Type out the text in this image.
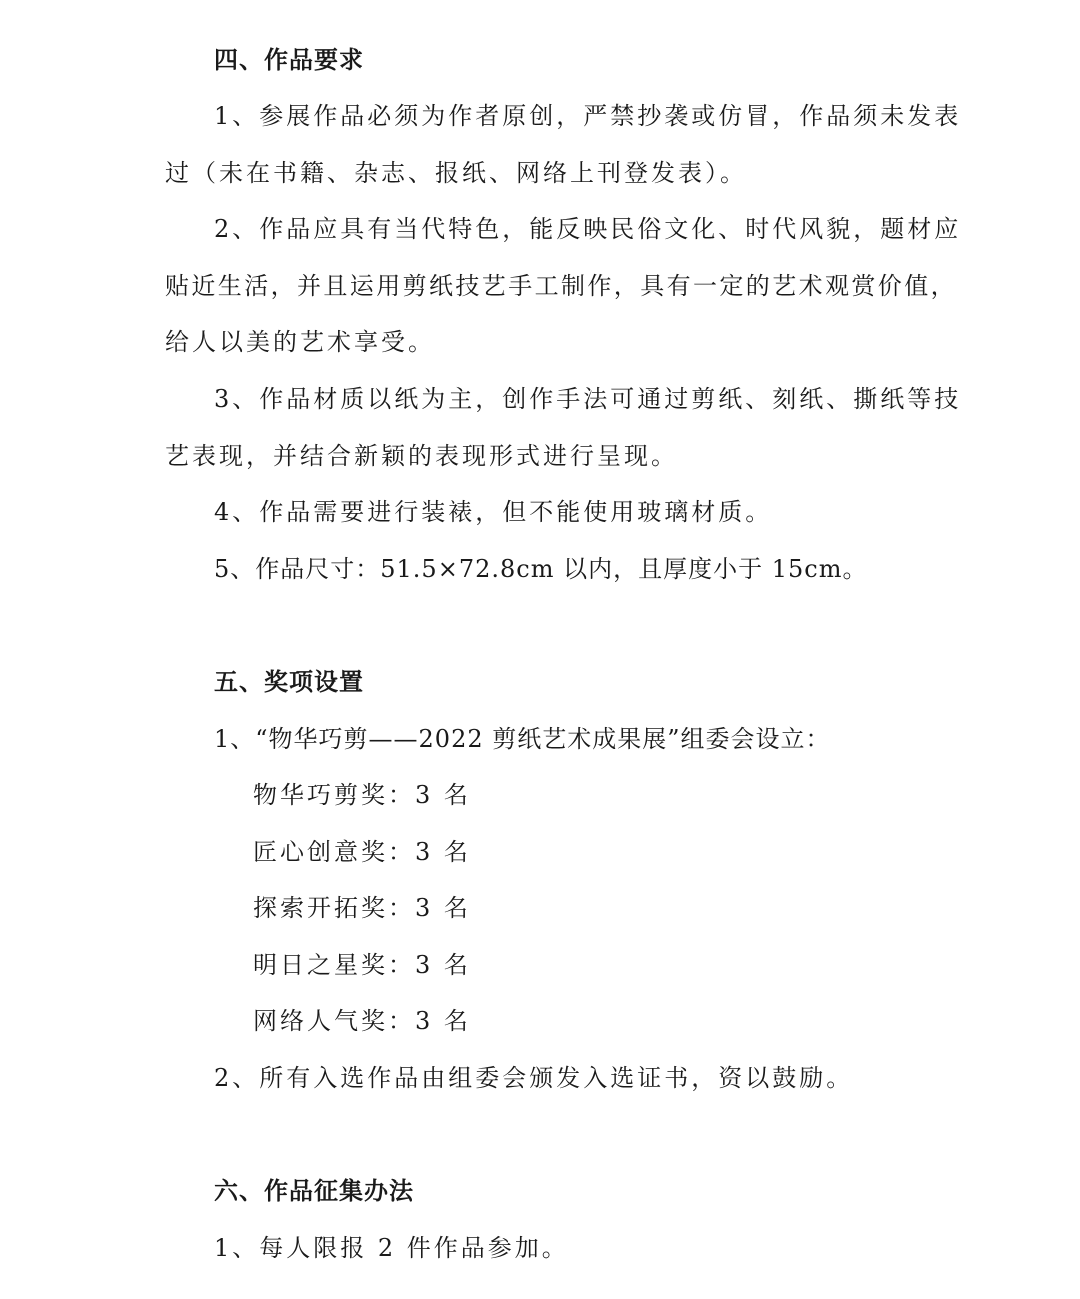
四、作品要求
1、参展作品必须为作者原创，严禁抄袭或仿冒，作品须未发表
过（未在书籍、杂志、报纸、网络上刊登发表）。
2、作品应具有当代特色，能反映民俗文化、时代风貌，题材应
贴近生活，并且运用剪纸技艺手工制作，具有一定的艺术观赏价值，
给人以美的艺术享受。
3、作品材质以纸为主，创作手法可通过剪纸、刻纸、撕纸等技
艺表现，并结合新颖的表现形式进行呈现。
4、作品需要进行装裱，但不能使用玻璃材质。
5、作品尺寸：51.5×72.8cm 以内，且厚度小于 15cm。
五、奖项设置
1、“物华巧剪——2022 剪纸艺术成果展”组委会设立：
物华巧剪奖：3 名
匠心创意奖：3 名
探索开拓奖：3 名
明日之星奖：3 名
网络人气奖：3 名
2、所有入选作品由组委会颁发入选证书，资以鼓励。
六、作品征集办法
1、每人限报 2 件作品参加。
